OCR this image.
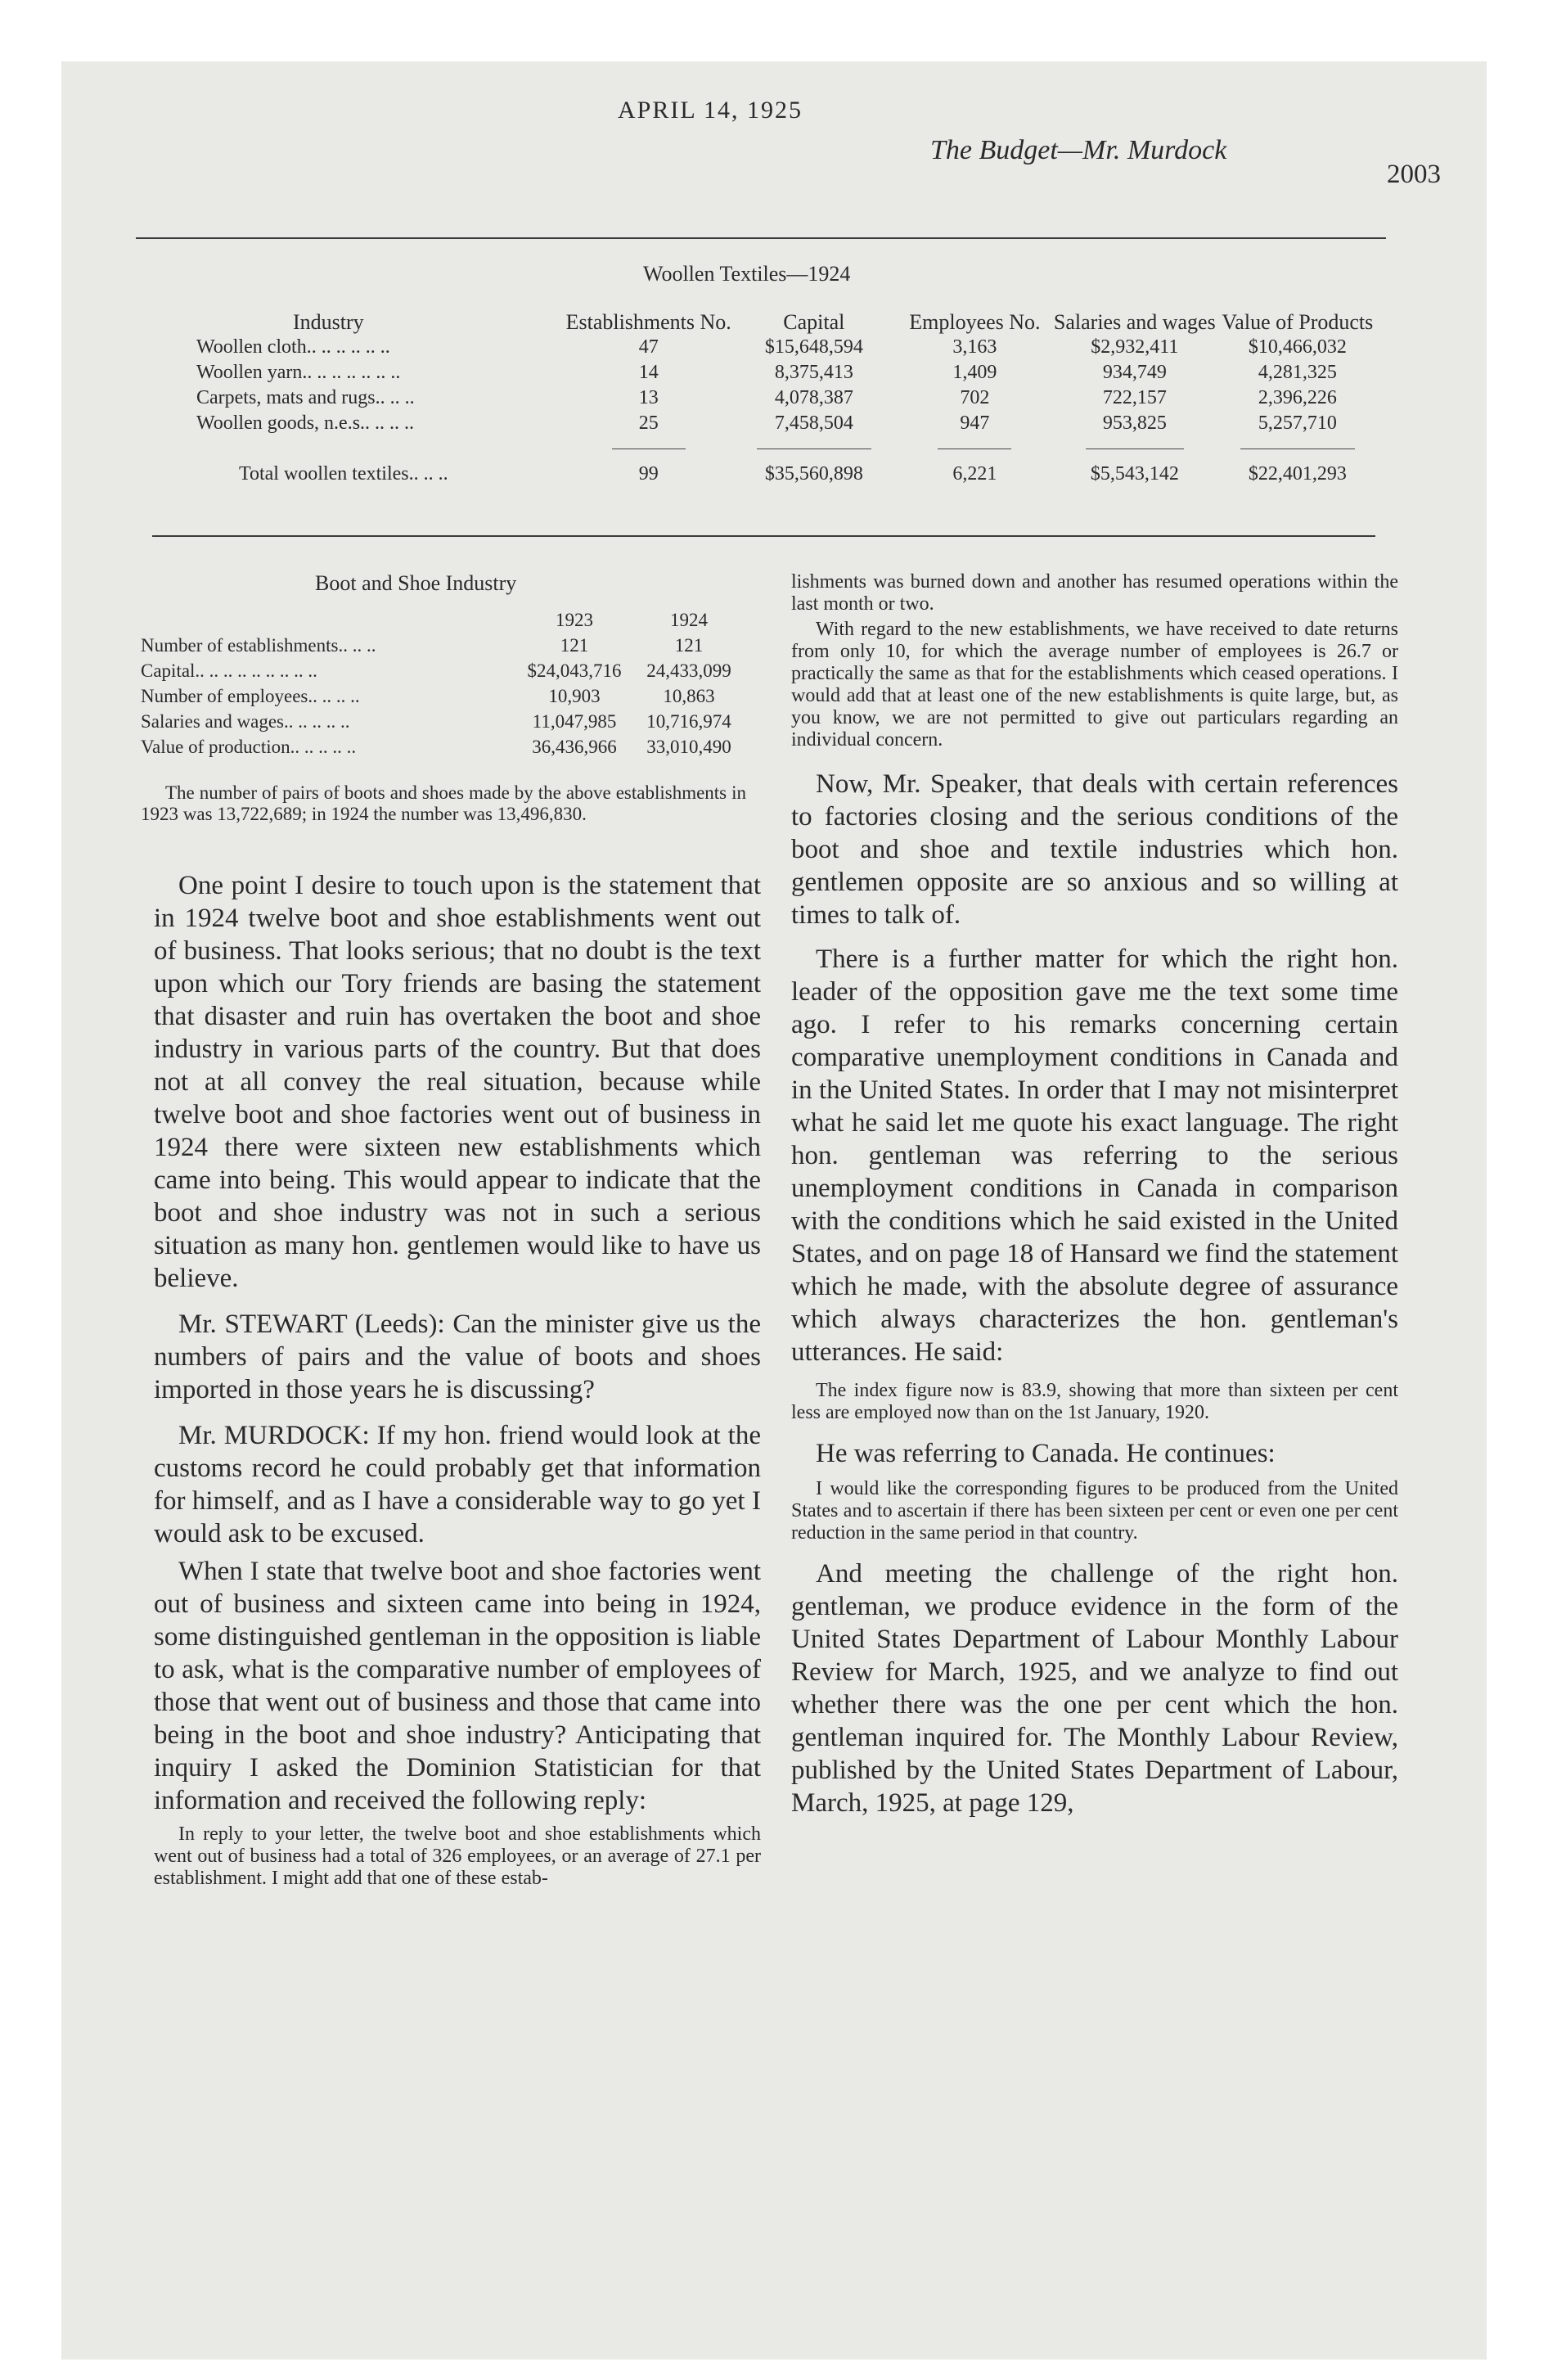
APRIL 14, 1925
The Budget—Mr. Murdock
2003
Woollen Textiles—1924
Industry	Establishments No.	Capital	Employees No.	Salaries and wages	Value of Products
Woollen cloth.. .. .. .. .. ..	47	$15,648,594	3,163	$2,932,411	$10,466,032
Woollen yarn.. .. .. .. .. .. ..	14	8,375,413	1,409	934,749	4,281,325
Carpets, mats and rugs.. .. ..	13	4,078,387	702	722,157	2,396,226
Woollen goods, n.e.s.. .. .. ..	25	7,458,504	947	953,825	5,257,710

Total woollen textiles.. .. ..	99	$35,560,898	6,221	$5,543,142	$22,401,293
Boot and Shoe Industry
	1923	1924
Number of establishments.. .. ..	121	121
Capital.. .. .. .. .. .. .. .. ..	$24,043,716	24,433,099
Number of employees.. .. .. ..	10,903	10,863
Salaries and wages.. .. .. .. ..	11,047,985	10,716,974
Value of production.. .. .. .. ..	36,436,966	33,010,490
The number of pairs of boots and shoes made by the above establishments in 1923 was 13,722,689; in 1924 the number was 13,496,830.

One point I desire to touch upon is the statement that in 1924 twelve boot and shoe establishments went out of business. That looks serious; that no doubt is the text upon which our Tory friends are basing the statement that disaster and ruin has overtaken the boot and shoe industry in various parts of the country. But that does not at all convey the real situation, because while twelve boot and shoe factories went out of business in 1924 there were sixteen new establishments which came into being. This would appear to indicate that the boot and shoe industry was not in such a serious situation as many hon. gentlemen would like to have us believe.

Mr. STEWART (Leeds): Can the minister give us the numbers of pairs and the value of boots and shoes imported in those years he is discussing?

Mr. MURDOCK: If my hon. friend would look at the customs record he could probably get that information for himself, and as I have a considerable way to go yet I would ask to be excused.

When I state that twelve boot and shoe factories went out of business and sixteen came into being in 1924, some distinguished gentleman in the opposition is liable to ask, what is the comparative number of employees of those that went out of business and those that came into being in the boot and shoe industry? Anticipating that inquiry I asked the Dominion Statistician for that information and received the following reply:

In reply to your letter, the twelve boot and shoe establishments which went out of business had a total of 326 employees, or an average of 27.1 per establishment. I might add that one of these estab-
lishments was burned down and another has resumed operations within the last month or two.
With regard to the new establishments, we have received to date returns from only 10, for which the average number of employees is 26.7 or practically the same as that for the establishments which ceased operations. I would add that at least one of the new establishments is quite large, but, as you know, we are not permitted to give out particulars regarding an individual concern.

Now, Mr. Speaker, that deals with certain references to factories closing and the serious conditions of the boot and shoe and textile industries which hon. gentlemen opposite are so anxious and so willing at times to talk of.

There is a further matter for which the right hon. leader of the opposition gave me the text some time ago. I refer to his remarks concerning certain comparative unemployment conditions in Canada and in the United States. In order that I may not misinterpret what he said let me quote his exact language. The right hon. gentleman was referring to the serious unemployment conditions in Canada in comparison with the conditions which he said existed in the United States, and on page 18 of Hansard we find the statement which he made, with the absolute degree of assurance which always characterizes the hon. gentleman's utterances. He said:

The index figure now is 83.9, showing that more than sixteen per cent less are employed now than on the 1st January, 1920.

He was referring to Canada. He continues:

I would like the corresponding figures to be produced from the United States and to ascertain if there has been sixteen per cent or even one per cent reduction in the same period in that country.

And meeting the challenge of the right hon. gentleman, we produce evidence in the form of the United States Department of Labour Monthly Labour Review for March, 1925, and we analyze to find out whether there was the one per cent which the hon. gentleman inquired for. The Monthly Labour Review, published by the United States Department of Labour, March, 1925, at page 129,
